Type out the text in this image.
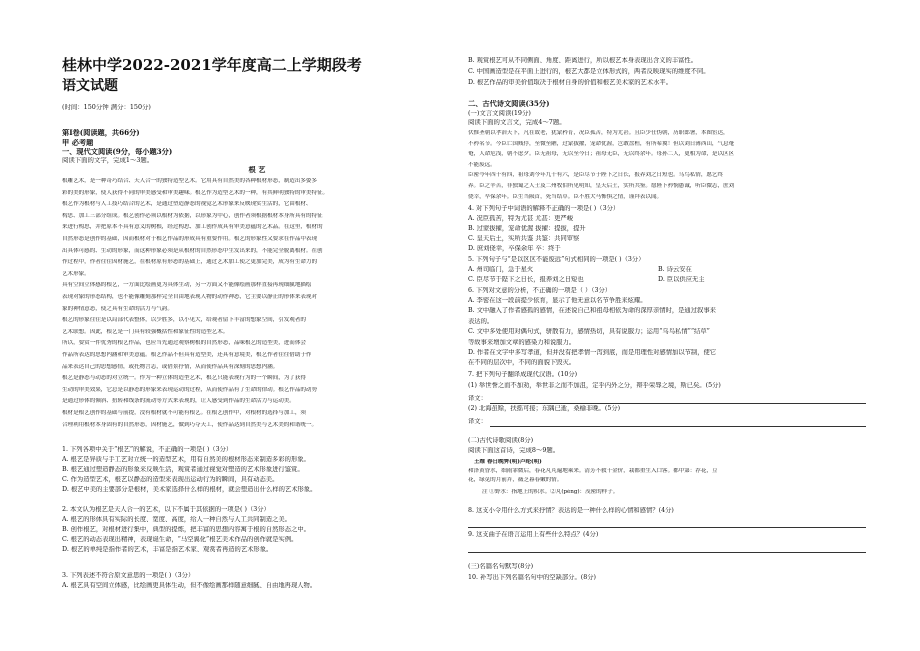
桂林中学2022-2021学年度高二上学期段考
语文试题
(时间：150分钟 满分：150分)
第Ⅰ卷(阅读题，共66分)
甲 必考题
一、现代文阅读(9分，每小题3分)
阅读下面的文字，完成1～3题。
根 艺
根雕艺术，是一种奇巧结合、天人合一的独特造型艺术。它用具有自然美的各种根材形态，制造出多姿多
彩的美的形象，使人获得不同的审美感受和审美趣味。根艺作为造型艺术的一种，有其鲜明独特的审美特征。
根艺作为根材与人工技巧结合的艺术，是通过塑造静态的视觉艺术形象来反映现实生活的，它由根材、
构思、加工三部分组成。根艺创作必须以根材为依据，以形象为中心，创作者须根据根材本身所具有的特征
来进行构思，并把原本不具有意义的树根，经过构思、加工创作成具有审美意蕴的艺术品。在这里，根材的
自然形态是创作的基础，因而根材对于根艺作品的形成具有重要作用。根艺的形象性又要求在作品中表现
出具体可感的、生动的形象，而这种形象必须是从根材的自然形态中生发出来的，不能完全脱离根材。在创
作过程中，作者往往因材施艺，在根材原有形态的基础上，通过艺术加工使之更加完美，成为有生命力的
艺术形象。
具有空间立体感的根艺，一方面比绘画更为具体生动，另一方面又不能像绘画那样直接再现细腻地描绘
表现对象的形态结构，也不能像雕刻那样完全自由地表现人物的动作神态，它主要以静止的形体来表现对
象的神情意态，使之具有生命的活力与气韵。
根艺的形象往往是以局部代表整体，以少胜多，以小见大，给观者留下丰富的想象空间，引发观者的
艺术联想。因此，根艺是一门具有较强概括性和象征性的造型艺术。
所以，要赏一件优秀的根艺作品，也应当先通过观察树根的自然形态，品味根艺的造型美，进而体会
作品所表达的思想内涵和审美意蕴。根艺作品不但具有造型美，还具有意境美，根艺作者往往借助于作
品来表达自己的思想感情，或托物言志，或借景抒情，从而使作品具有深刻的思想内涵。
根艺是静态与动态的对立统一。作为一种立体的造型艺术，根艺只能表现行为的一个瞬间，为了获得
生动的审美效果，它总是以静态的形象来表现运动的过程，从而使作品有了生命的律动。根艺作品的动势
是通过形体的倾斜、扭转和线条的流动等方式来表现的，让人感受到作品的生命活力与运动美。
根材是根艺创作的基础与前提，没有根材就不可能有根艺。在根艺创作中，对根材的选择与加工，须
合理利用根材本身固有的自然形态，因材施艺，做到巧夺天工，使作品达到自然美与艺术美的和谐统一。
1. 下列各项中关于“根艺”的解说，不正确的一项是( )（3分）
A. 根艺是异质与手工艺对立统一的造型艺术，用有自然美的根材形态来制造多彩的形象。
B. 根艺通过塑造静态的形象来反映生活，观赏者通过视觉对塑造的艺术形象进行鉴赏。
C. 作为造型艺术，根艺以静态的造型来表现出运动行为的瞬间，具有动态美。
D. 根艺中美的主要部分是根材，美术家选择什么样的根材，就会塑造出什么样的艺术形象。
2. 本文认为根艺是天人合一的艺术，以下不属于其依据的一项是( )（3分）
A. 根艺的形体具有实际的长度、宽度、高度，给人一种自然与人工共同制造之美。
B. 创作根艺，对根材进行集中，典型的提炼，把丰富的思想内容寓于根的自然形态之中。
C. 根艺的动态表现出精神，表现诞生命，“马空翼化”根艺美术作品的创作就是实例。
D. 根艺的单纯是指作者的艺术，丰富是指艺术家、观赏者再造的艺术形象。
3. 下列表述不符合原文意思的一项是( )（3分）
A. 根艺具有空间立体感，比绘画更具体生动，但不像绘画那样随意细腻、自由地再现人物。
B. 观赏根艺可从不同侧面、角度、距离进行，所以根艺本身表现出含义的丰富性。
C. 中国画造型是在平面上进行的，根艺大都是立体形式的，两者反映现实的维度不同。
D. 根艺作品的审美价值取决于根材自身的价值和根艺美术家的艺术水平。
二、古代诗文阅读(35分)
(一)文言文阅读(19分)
阅读下面的文言文，完成4～7题。
伏惟圣朝以孝治天下，凡在故老，犹蒙矜育，况臣孤苦，特为尤甚。且臣少仕伪朝，历职郎署，本图宦达，
不矜名节。今臣亡国贱俘，至微至陋，过蒙拔擢，宠命优渥，岂敢盘桓，有所希冀！但以刘日薄西山，气息奄
奄，人命危浅，朝不虑夕。臣无祖母，无以至今日；祖母无臣，无以终余年。母孙二人，更相为命，是以区区
不能废远。
臣密今年四十有四，祖母刘今年九十有六，是臣尽节于陛下之日长，报养刘之日短也。乌鸟私情，愿乞终
养。臣之辛苦，非独蜀之人士及二州牧伯所见明知，皇天后土，实所共鉴。愿陛下矜悯愚诚，听臣微志，庶刘
侥幸，卒保余年。臣生当陨首，死当结草。臣不胜犬马怖惧之情，谨拜表以闻。
4. 对下列句子中词语的解释不正确的一项是( )（3分）
A. 况臣孤苦，特为尤甚 尤甚：更严峻
B. 过蒙拔擢，宠命优渥 拔擢：提拔，提升
C. 皇天后土，实所共鉴 共鉴：共同审察
D. 庶刘侥幸，卒保余年 卒：终于
5. 下列句子与“是以区区不能废远”句式相同的一项是( )（3分）
A. 州司临门，急于星火	B. 诗云安在
C. 臣尽节于陛下之日长，报养刘之日短也	D. 臣以供应无主
6. 下列对文意的分析，不正确的一项是（ ）（3分）
A. 李密在这一段前提少依育，显示了他无意以名节争胜来炫耀。
B. 文中融入了作者感孤的感情，在述说自己和祖母相依为命的深厚亲情时，是通过叙事来
表达的。
C. 文中多处使用对偶句式，骈散有力，感情热切，具有说服力；运用“乌鸟私情”“结草”
等故事来增加文章的感染力和说服力。
D. 作者在文字中多写孝道，但并没有把孝情一泻到底，而是用理性对感情加以节制，使它
在不同的层次中，不同的面貌下毁灭。
7. 把下列句子翻译成现代汉语。(10分)
(1) 举世誉之而不加劝，举世非之而不加沮，定乎内外之分，辩乎荣辱之境，斯已矣。(5分)
译文：
(2) 北海虽赊，扶摇可接；东隅已逝，桑榆非晚。(5分)
译文：
(二)古代诗歌阅读(8分)
阅读下面这首诗，完成8～9题。
王维 春日晚霁(明)卢纶(明)
和泽黄昏水，细雨霏微后，春花芃芃遍地乘来。清芳不救千金价，栽都重生入口客。都中第：荐花，豆
花，绿苋的月前卉，薇芝暮春嫩的情。
注 ①野水：指地上的积水。②芃(péng)：茂密的样子。
8. 这支小令用什么方式来抒情？表达的是一种什么样的心情和感情？(4分)
9. 这支曲子在语言运用上有些什么特点？(4分)
(三)名篇名句默写(8分)
10. 补写出下列名篇名句中的空缺部分。(8分)
